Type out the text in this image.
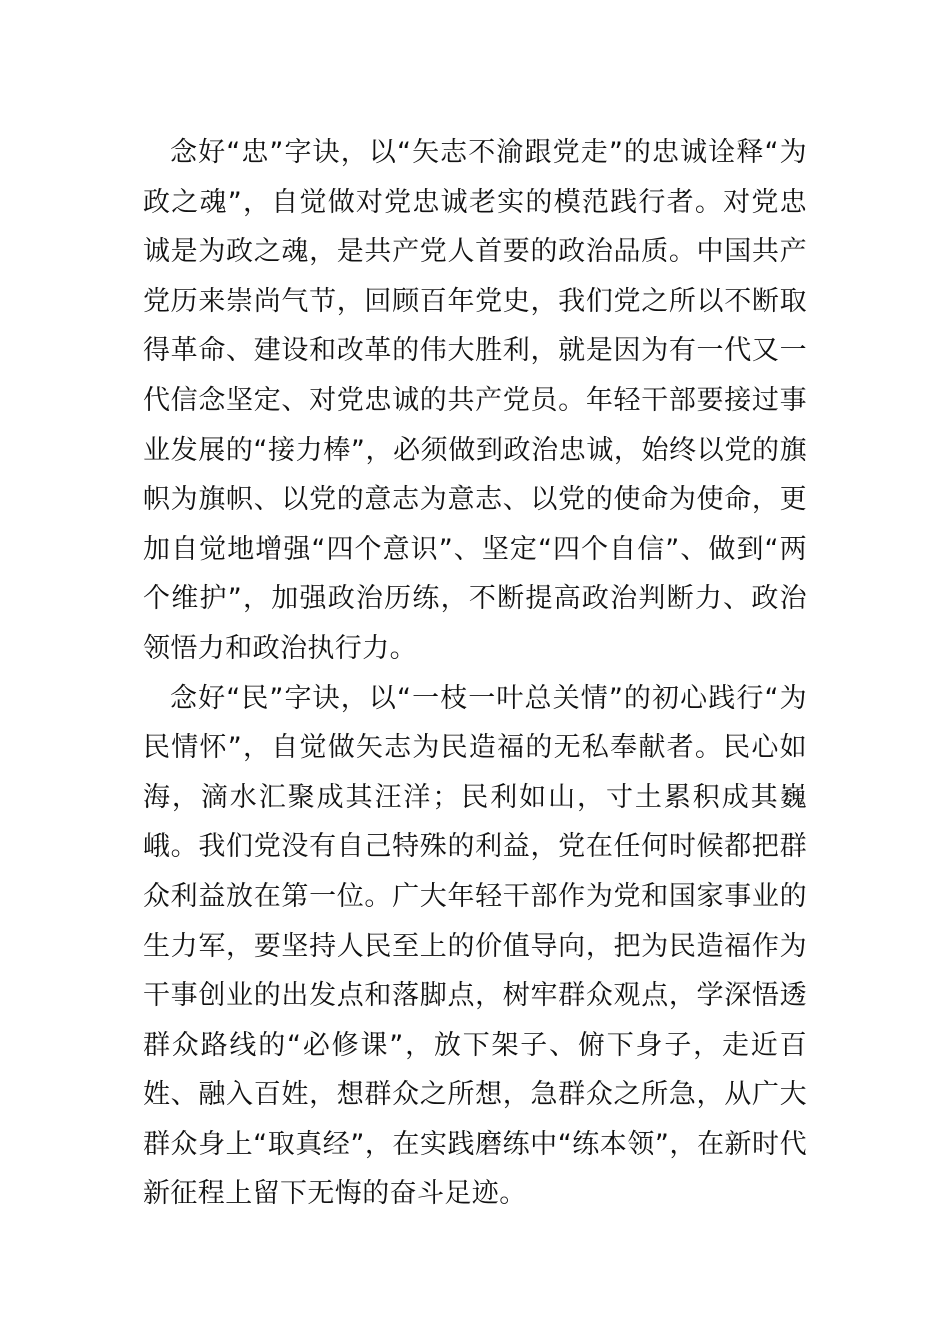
念好“忠”字诀，以“矢志不渝跟党走”的忠诚诠释“为政之魂”，自觉做对党忠诚老实的模范践行者。对党忠诚是为政之魂，是共产党人首要的政治品质。中国共产党历来崇尚气节，回顾百年党史，我们党之所以不断取得革命、建设和改革的伟大胜利，就是因为有一代又一代信念坚定、对党忠诚的共产党员。年轻干部要接过事业发展的“接力棒”，必须做到政治忠诚，始终以党的旗帜为旗帜、以党的意志为意志、以党的使命为使命，更加自觉地增强“四个意识”、坚定“四个自信”、做到“两个维护”，加强政治历练，不断提高政治判断力、政治领悟力和政治执行力。

念好“民”字诀，以“一枝一叶总关情”的初心践行“为民情怀”，自觉做矢志为民造福的无私奉献者。民心如海，滴水汇聚成其汪洋；民利如山，寸土累积成其巍峨。我们党没有自己特殊的利益，党在任何时候都把群众利益放在第一位。广大年轻干部作为党和国家事业的生力军，要坚持人民至上的价值导向，把为民造福作为干事创业的出发点和落脚点，树牢群众观点，学深悟透群众路线的“必修课”，放下架子、俯下身子，走近百姓、融入百姓，想群众之所想，急群众之所急，从广大群众身上“取真经”，在实践磨练中“练本领”，在新时代新征程上留下无悔的奋斗足迹。
